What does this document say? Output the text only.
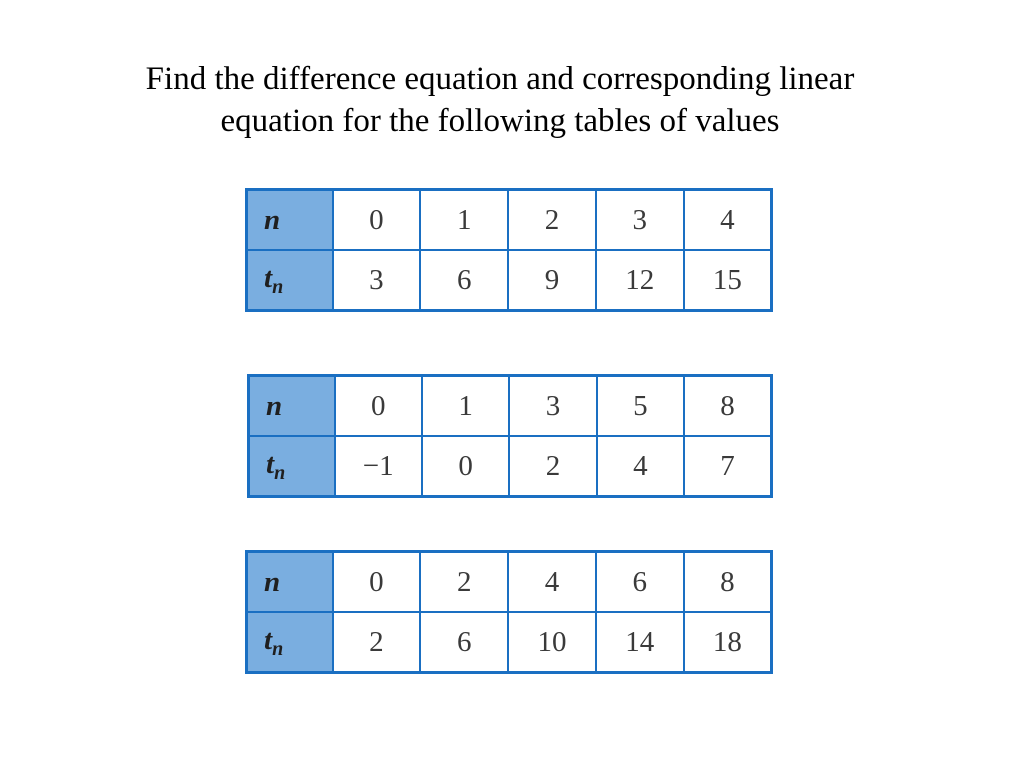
Find the difference equation and corresponding linear
equation for the following tables of values
n	0	1	2	3	4
$t_n$	3	6	9	12	15
n	0	1	3	5	8
$t_n$	−1	0	2	4	7
n	0	2	4	6	8
$t_n$	2	6	10	14	18
